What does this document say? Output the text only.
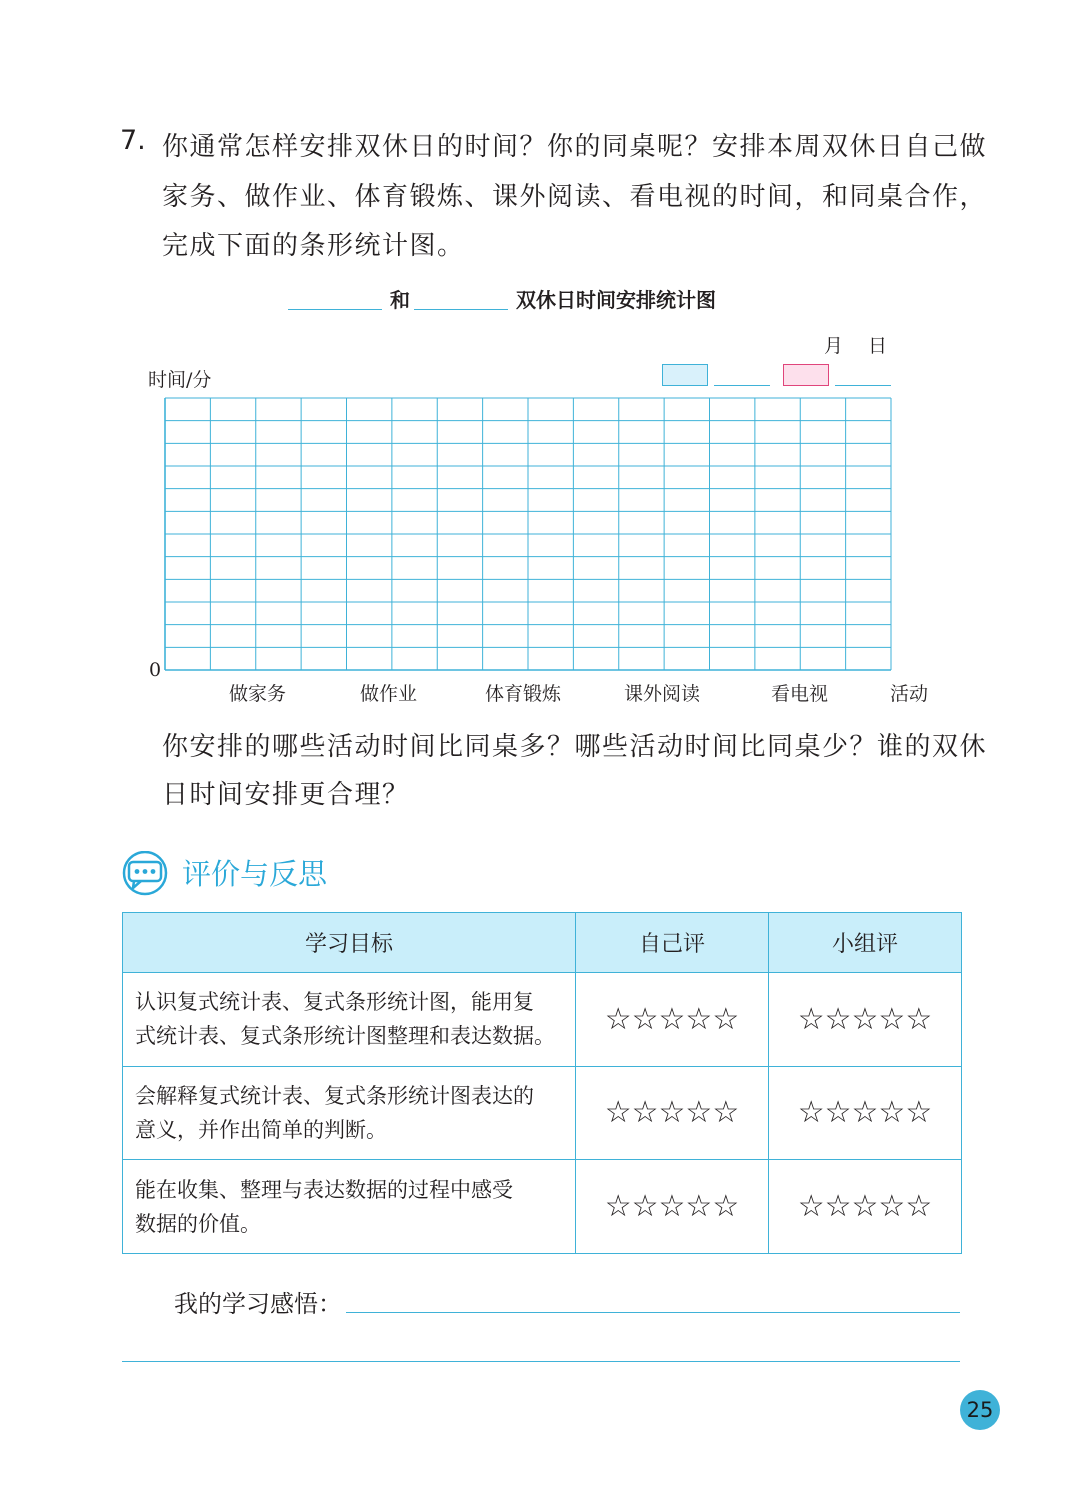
7. 你通常怎样安排双休日的时间？你的同桌呢？安排本周双休日自己做
家务、做作业、体育锻炼、课外阅读、看电视的时间，和同桌合作，
完成下面的条形统计图。
和	双休日时间安排统计图
月　 日
时间/分
0
做家务	做作业	体育锻炼	课外阅读	看电视	活动
你安排的哪些活动时间比同桌多？哪些活动时间比同桌少？谁的双休
日时间安排更合理？
评价与反思
学习目标	自己评	小组评

认识复式统计表、复式条形统计图，能用复
式统计表、复式条形统计图整理和表达数据。	☆☆☆☆☆	☆☆☆☆☆

会解释复式统计表、复式条形统计图表达的
意义，并作出简单的判断。	☆☆☆☆☆	☆☆☆☆☆

能在收集、整理与表达数据的过程中感受
数据的价值。	☆☆☆☆☆	☆☆☆☆☆
我的学习感悟：
25
